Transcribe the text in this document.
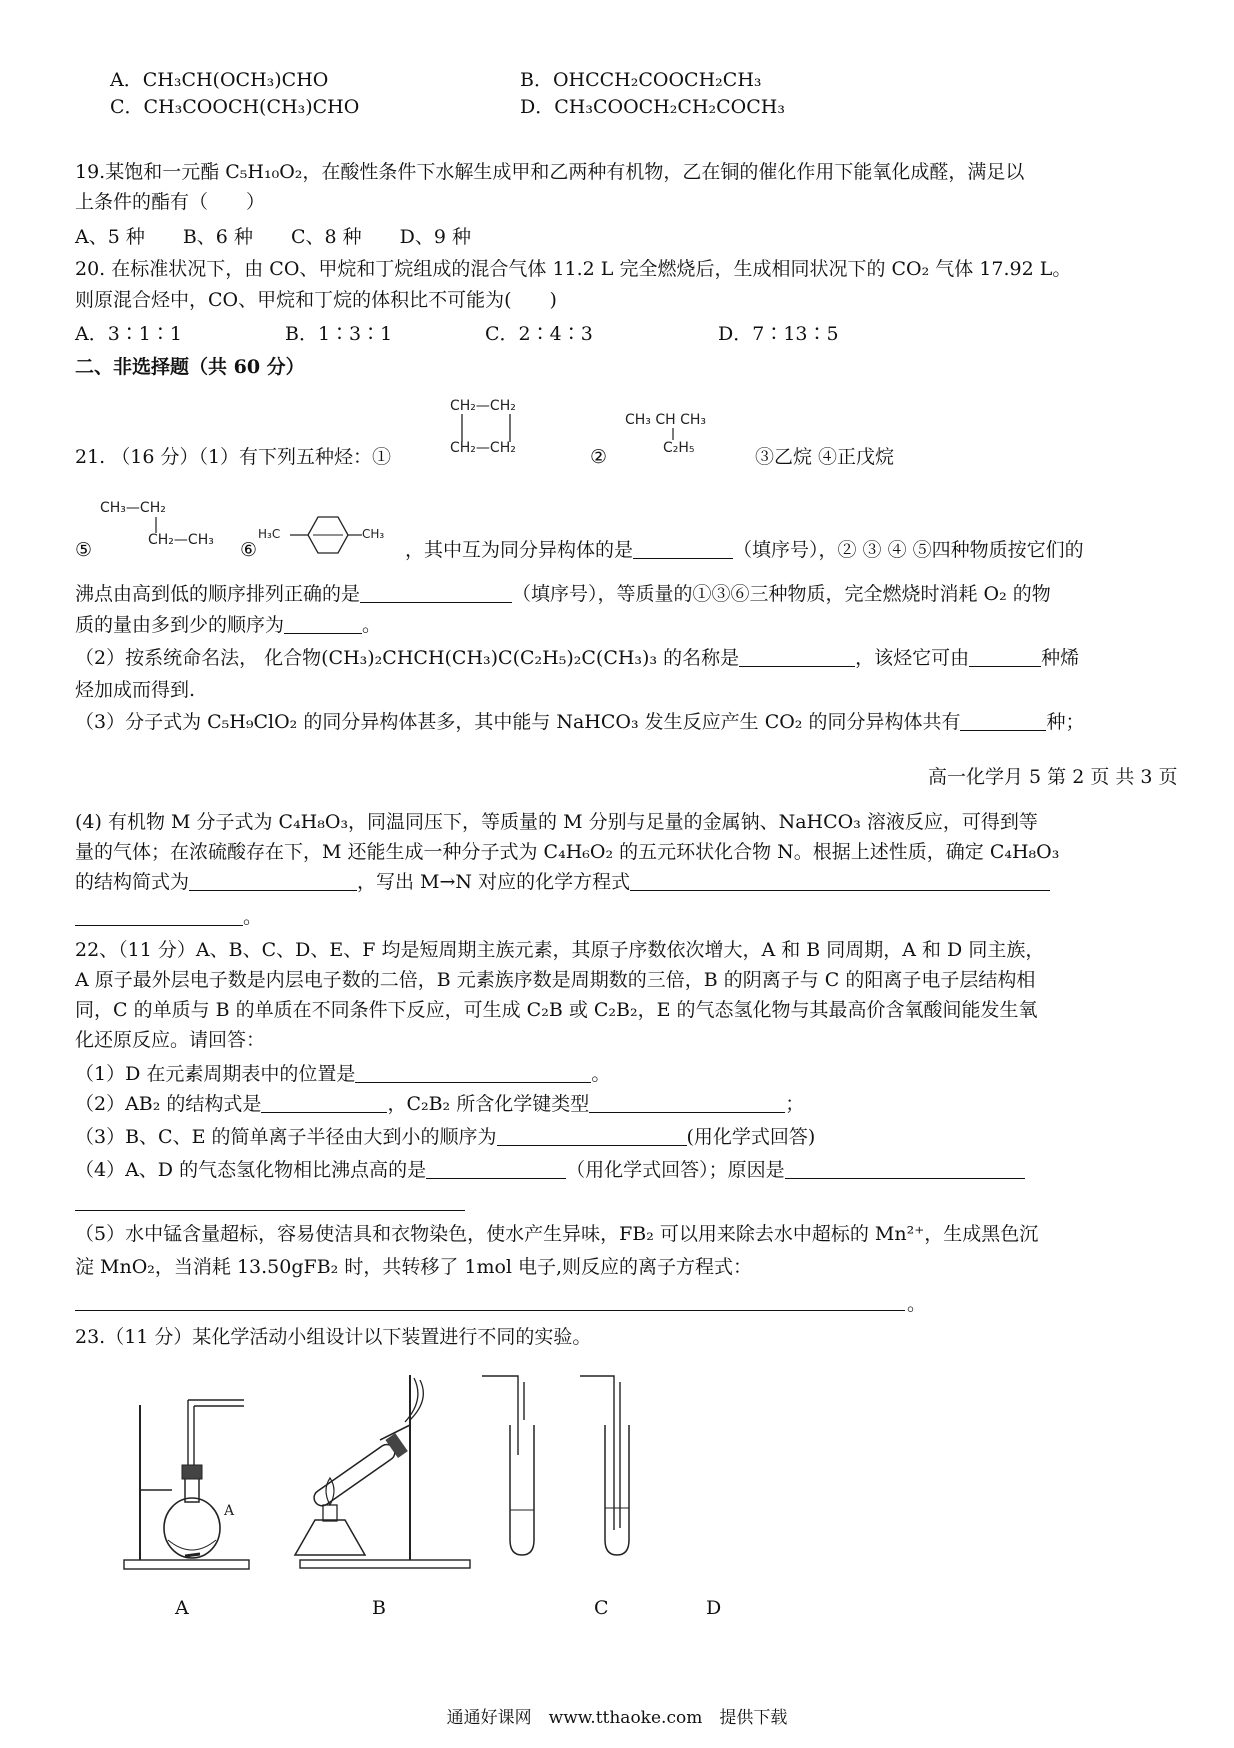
A．CH₃CH(OCH₃)CHO	B．OHCCH₂COOCH₂CH₃
C．CH₃COOCH(CH₃)CHO	D．CH₃COOCH₂CH₂COCH₃
19.某饱和一元酯 C₅H₁₀O₂，在酸性条件下水解生成甲和乙两种有机物，乙在铜的催化作用下能氧化成醛，满足以
上条件的酯有（　　）
A、5 种　　B、6 种　　C、8 种　　D、9 种
20. 在标准状况下，由 CO、甲烷和丁烷组成的混合气体 11.2 L 完全燃烧后，生成相同状况下的 CO₂ 气体 17.92 L。
则原混合烃中，CO、甲烷和丁烷的体积比不可能为(　　)
A．3∶1∶1	B．1∶3∶1	C．2∶4∶3	D．7∶13∶5
二、非选择题（共 60 分）
21. （16 分）（1）有下列五种烃：①
CH₂—CH₂
CH₂—CH₂	②
CH₃ CH CH₃
C₂H₅	③乙烷 ④正戊烷
⑤
CH₃—CH₂
CH₂—CH₃ ⑥
H₃C	CH₃
，其中互为同分异构体的是	（填序号），② ③ ④ ⑤四种物质按它们的
沸点由高到低的顺序排列正确的是	（填序号），等质量的①③⑥三种物质，完全燃烧时消耗 O₂ 的物
质的量由多到少的顺序为	。
（2）按系统命名法， 化合物(CH₃)₂CHCH(CH₃)C(C₂H₅)₂C(CH₃)₃ 的名称是	，该烃它可由	种烯
烃加成而得到.
（3）分子式为 C₅H₉ClO₂ 的同分异构体甚多，其中能与 NaHCO₃ 发生反应产生 CO₂ 的同分异构体共有	种；
高一化学月 5 第 2 页 共 3 页
(4) 有机物 M 分子式为 C₄H₈O₃，同温同压下，等质量的 M 分别与足量的金属钠、NaHCO₃ 溶液反应，可得到等
量的气体；在浓硫酸存在下，M 还能生成一种分子式为 C₄H₆O₂ 的五元环状化合物 N。根据上述性质，确定 C₄H₈O₃
的结构简式为	，写出 M→N 对应的化学方程式
。
22、（11 分）A、B、C、D、E、F 均是短周期主族元素，其原子序数依次增大，A 和 B 同周期，A 和 D 同主族，
A 原子最外层电子数是内层电子数的二倍，B 元素族序数是周期数的三倍，B 的阴离子与 C 的阳离子电子层结构相
同，C 的单质与 B 的单质在不同条件下反应，可生成 C₂B 或 C₂B₂，E 的气态氢化物与其最高价含氧酸间能发生氧
化还原反应。请回答：
（1）D 在元素周期表中的位置是	。
（2）AB₂ 的结构式是	，C₂B₂ 所含化学键类型	；
（3）B、C、E 的简单离子半径由大到小的顺序为	(用化学式回答)
（4）A、D 的气态氢化物相比沸点高的是	（用化学式回答）；原因是
（5）水中锰含量超标，容易使洁具和衣物染色，使水产生异味，FB₂ 可以用来除去水中超标的 Mn²⁺，生成黑色沉
淀 MnO₂，当消耗 13.50gFB₂ 时，共转移了 1mol 电子,则反应的离子方程式：
。
23.（11 分）某化学活动小组设计以下装置进行不同的实验。
A
A	B	C	D
通通好课网　www.tthaoke.com　提供下载
